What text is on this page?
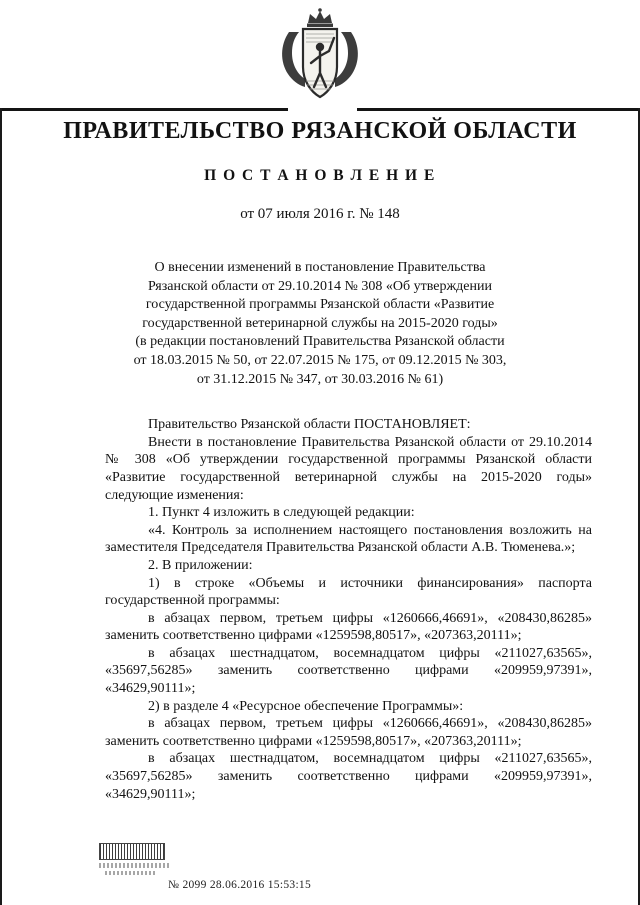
ПРАВИТЕЛЬСТВО РЯЗАНСКОЙ ОБЛАСТИ
П О С Т А Н О В Л Е Н И Е
от 07 июля 2016 г. № 148
О внесении изменений в постановление Правительства
Рязанской области от 29.10.2014 № 308 «Об утверждении
государственной программы Рязанской области «Развитие
государственной ветеринарной службы на 2015-2020 годы»
(в редакции постановлений Правительства Рязанской области
от 18.03.2015 № 50, от 22.07.2015 № 175, от 09.12.2015 № 303,
от 31.12.2015 № 347, от 30.03.2016 № 61)

Правительство Рязанской области ПОСТАНОВЛЯЕТ:

Внести в постановление Правительства Рязанской области от 29.10.2014 № 308 «Об утверждении государственной программы Рязанской области «Развитие государственной ветеринарной службы на 2015-2020 годы» следующие изменения:

1. Пункт 4 изложить в следующей редакции:

«4. Контроль за исполнением настоящего постановления возложить на заместителя Председателя Правительства Рязанской области А.В. Тюменева.»;

2. В приложении:

1) в строке «Объемы и источники финансирования» паспорта государственной программы:

в абзацах первом, третьем цифры «1260666,46691», «208430,86285» заменить соответственно цифрами «1259598,80517», «207363,20111»;

в абзацах шестнадцатом, восемнадцатом цифры «211027,63565», «35697,56285» заменить соответственно цифрами «209959,97391», «34629,90111»;

2) в разделе 4 «Ресурсное обеспечение Программы»:

в абзацах первом, третьем цифры «1260666,46691», «208430,86285» заменить соответственно цифрами «1259598,80517», «207363,20111»;

в абзацах шестнадцатом, восемнадцатом цифры «211027,63565», «35697,56285» заменить соответственно цифрами «209959,97391», «34629,90111»;

№ 2099 28.06.2016 15:53:15
